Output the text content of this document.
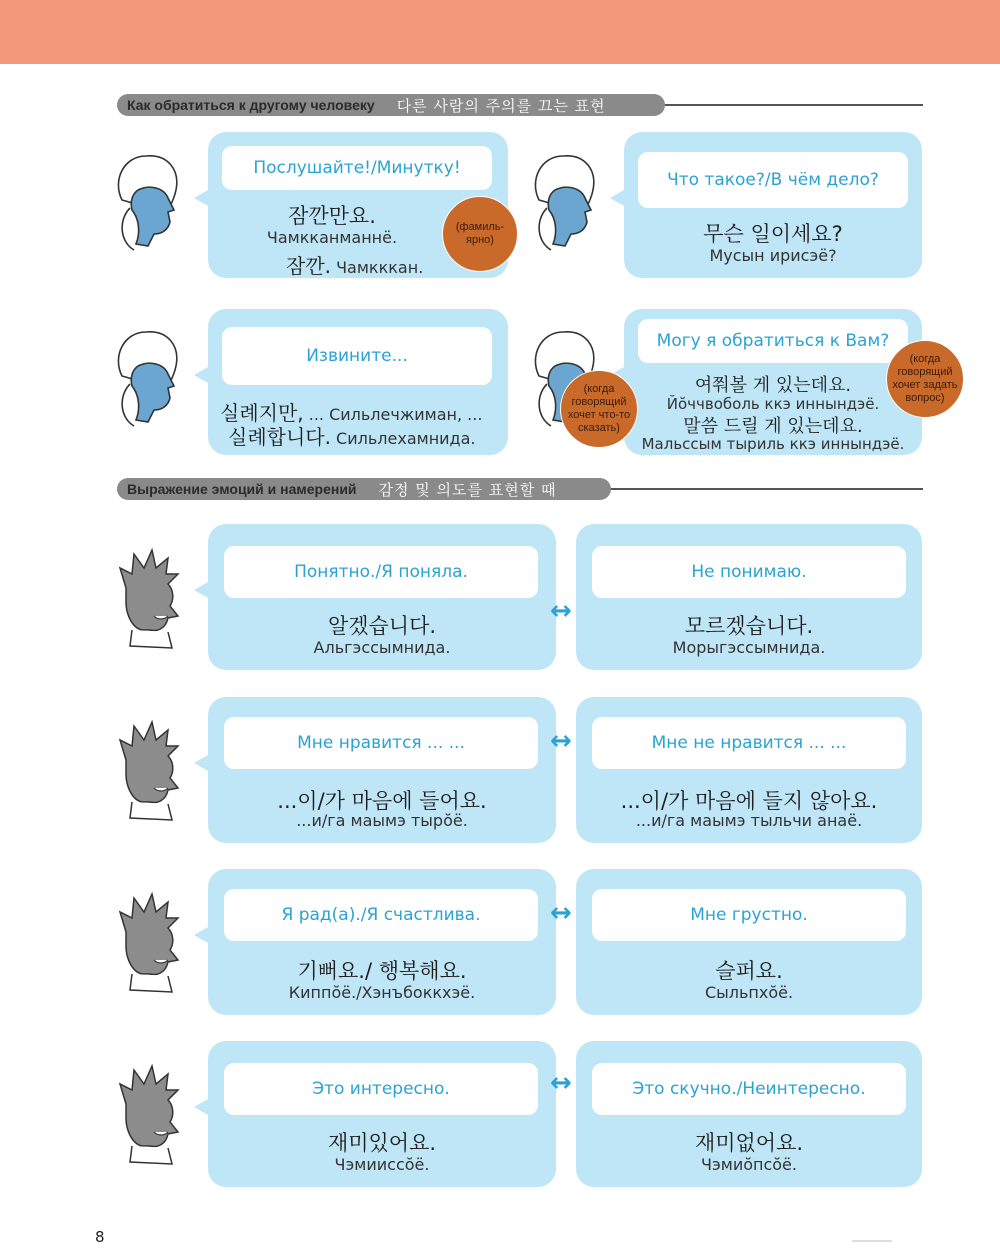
Как обратиться к другому человеку 다른 사람의 주의를 끄는 표현
Послушайте!/Минутку!
잠깐만요.
Чамкканманнё.
잠깐. Чамкккан.
(фамиль-
ярно)
Что такое?/В чём дело?
무슨 일이세요?
Мусын ирисэё?
Извините...
실례지만, ... Сильлечжиман, ...
실례합니다. Сильлехамнида.
Могу я обратиться к Вам?
여쭤볼 게 있는데요.
Йŏччвоболь ккэ иннындэё.
말씀 드릴 게 있는데요.
Мальссым тыриль ккэ иннындэё.
(когда
говорящий
хочет что-то
сказать)
(когда
говорящий
хочет задать
вопрос)
Выражение эмоций и намерений 감정 및 의도를 표현할 때
Понятно./Я поняла.
알겠습니다.
Альгэссымнида.
↔
Не понимаю.
모르겠습니다.
Морыгэссымнида.
Мне нравится ... ...
...이/가 마음에 들어요.
...и/га маымэ тырŏё.
↔	Мне не нравится ... ...
...이/가 마음에 들지 않아요.
...и/га маымэ тыльчи анаё.
Я рад(а)./Я счастлива.
기뻐요./ 행복해요.
Киппŏё./Хэнъбоккхэё.
↔	Мне грустно.
슬퍼요.
Сыльпхŏё.
Это интересно.
재미있어요.
Чэмииссŏё.
↔	Это скучно./Неинтересно.
재미없어요.
Чэмиŏпсŏё.
8
